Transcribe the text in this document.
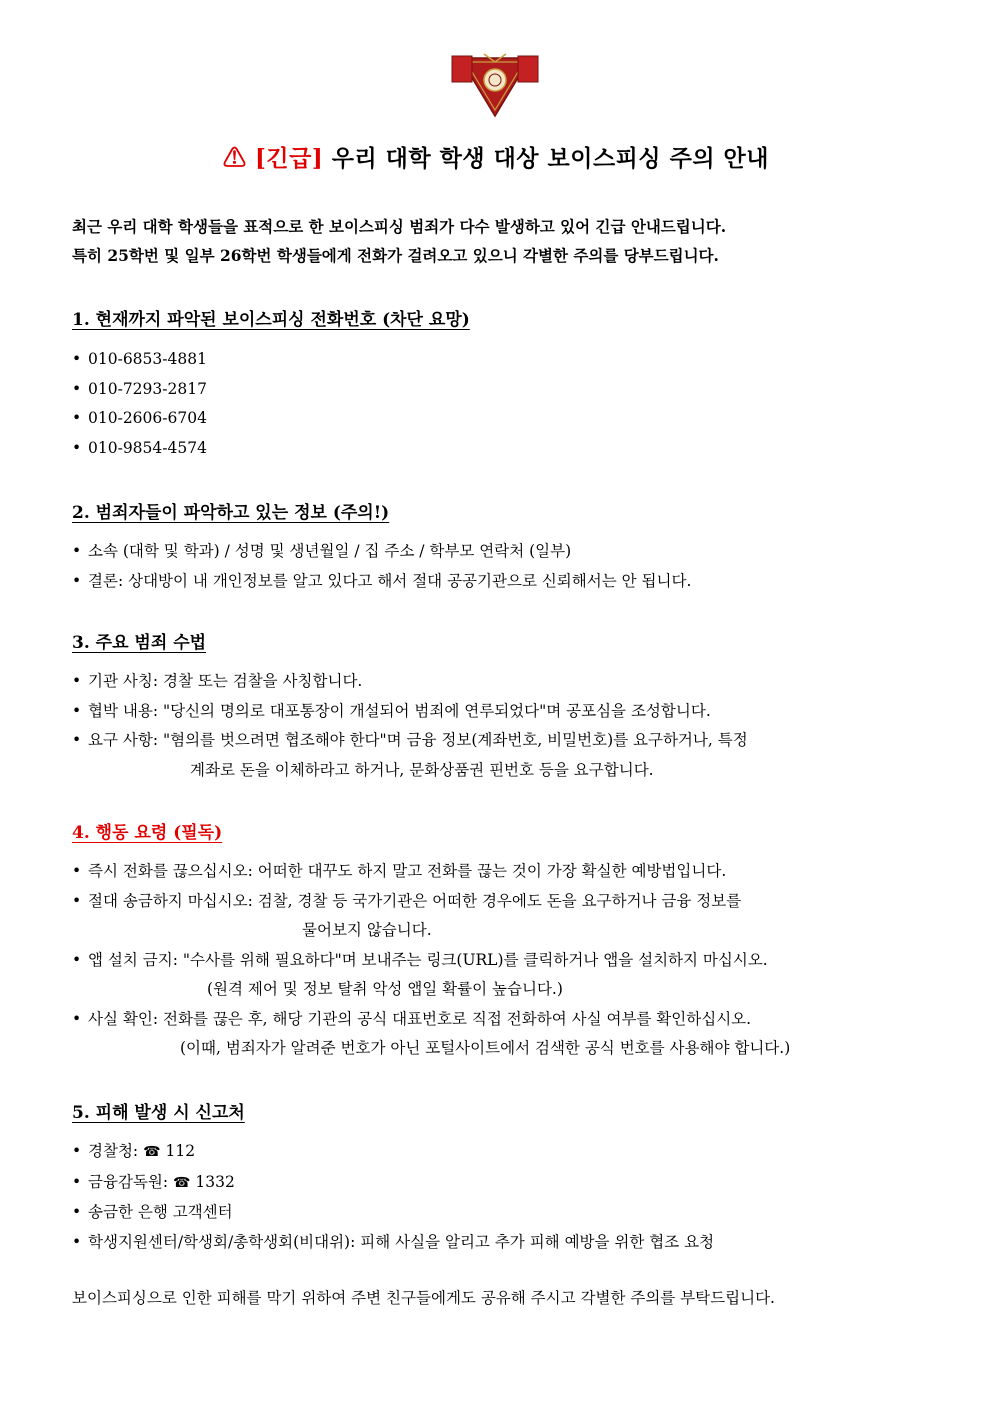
⚠ [긴급] 우리 대학 학생 대상 보이스피싱 주의 안내
최근 우리 대학 학생들을 표적으로 한 보이스피싱 범죄가 다수 발생하고 있어 긴급 안내드립니다.
특히 25학번 및 일부 26학번 학생들에게 전화가 걸려오고 있으니 각별한 주의를 당부드립니다.
1. 현재까지 파악된 보이스피싱 전화번호 (차단 요망)
• 010-6853-4881
• 010-7293-2817
• 010-2606-6704
• 010-9854-4574
2. 범죄자들이 파악하고 있는 정보 (주의!)
• 소속 (대학 및 학과) / 성명 및 생년월일 / 집 주소 / 학부모 연락처 (일부)
• 결론: 상대방이 내 개인정보를 알고 있다고 해서 절대 공공기관으로 신뢰해서는 안 됩니다.
3. 주요 범죄 수법
• 기관 사칭: 경찰 또는 검찰을 사칭합니다.
• 협박 내용: "당신의 명의로 대포통장이 개설되어 범죄에 연루되었다"며 공포심을 조성합니다.
• 요구 사항: "혐의를 벗으려면 협조해야 한다"며 금융 정보(계좌번호, 비밀번호)를 요구하거나, 특정
계좌로 돈을 이체하라고 하거나, 문화상품권 핀번호 등을 요구합니다.
4. 행동 요령 (필독)
• 즉시 전화를 끊으십시오: 어떠한 대꾸도 하지 말고 전화를 끊는 것이 가장 확실한 예방법입니다.
• 절대 송금하지 마십시오: 검찰, 경찰 등 국가기관은 어떠한 경우에도 돈을 요구하거나 금융 정보를
물어보지 않습니다.
• 앱 설치 금지: "수사를 위해 필요하다"며 보내주는 링크(URL)를 클릭하거나 앱을 설치하지 마십시오.
(원격 제어 및 정보 탈취 악성 앱일 확률이 높습니다.)
• 사실 확인: 전화를 끊은 후, 해당 기관의 공식 대표번호로 직접 전화하여 사실 여부를 확인하십시오.
(이때, 범죄자가 알려준 번호가 아닌 포털사이트에서 검색한 공식 번호를 사용해야 합니다.)
5. 피해 발생 시 신고처
• 경찰청: ☎ 112
• 금융감독원: ☎ 1332
• 송금한 은행 고객센터
• 학생지원센터/학생회/총학생회(비대위): 피해 사실을 알리고 추가 피해 예방을 위한 협조 요청
보이스피싱으로 인한 피해를 막기 위하여 주변 친구들에게도 공유해 주시고 각별한 주의를 부탁드립니다.
